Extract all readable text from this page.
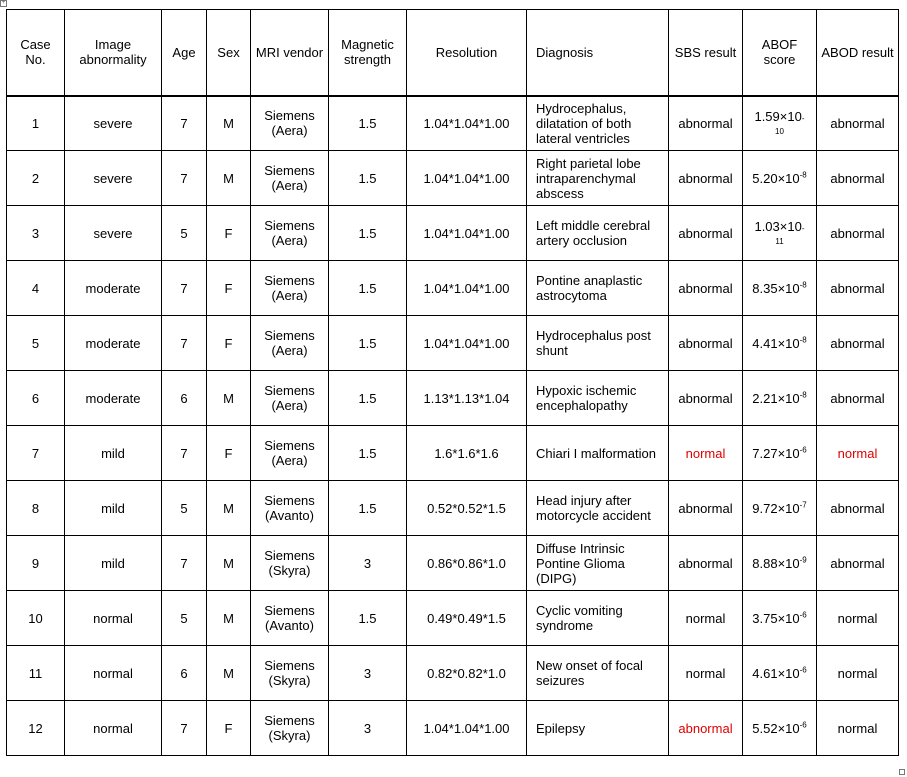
+
Case No.	Image abnormality	Age	Sex	MRI vendor	Magnetic strength	Resolution	Diagnosis	SBS result	ABOF score	ABOD result
1	severe	7	M	Siemens (Aera)	1.5	1.04*1.04*1.00	Hydrocephalus, dilatation of both lateral ventricles	abnormal	1.59×10-10	abnormal
2	severe	7	M	Siemens (Aera)	1.5	1.04*1.04*1.00	Right parietal lobe intraparenchymal abscess	abnormal	$5.20\times 10^{-8}$	abnormal
3	severe	5	F	Siemens (Aera)	1.5	1.04*1.04*1.00	Left middle cerebral artery occlusion	abnormal	1.03×10-11	abnormal
4	moderate	7	F	Siemens (Aera)	1.5	1.04*1.04*1.00	Pontine anaplastic astrocytoma	abnormal	$8.35\times 10^{-8}$	abnormal
5	moderate	7	F	Siemens (Aera)	1.5	1.04*1.04*1.00	Hydrocephalus post shunt	abnormal	$4.41\times 10^{-8}$	abnormal
6	moderate	6	M	Siemens (Aera)	1.5	1.13*1.13*1.04	Hypoxic ischemic encephalopathy	abnormal	$2.21\times 10^{-8}$	abnormal
7	mild	7	F	Siemens (Aera)	1.5	1.6*1.6*1.6	Chiari I malformation	normal	$7.27\times 10^{-6}$	normal
8	mild	5	M	Siemens (Avanto)	1.5	0.52*0.52*1.5	Head injury after motorcycle accident	abnormal	$9.72\times 10^{-7}$	abnormal
9	mild	7	M	Siemens (Skyra)	3	0.86*0.86*1.0	Diffuse Intrinsic Pontine Glioma (DIPG)	abnormal	$8.88\times 10^{-9}$	abnormal
10	normal	5	M	Siemens (Avanto)	1.5	0.49*0.49*1.5	Cyclic vomiting syndrome	normal	$3.75\times 10^{-6}$	normal
11	normal	6	M	Siemens (Skyra)	3	0.82*0.82*1.0	New onset of focal seizures	normal	$4.61\times 10^{-6}$	normal
12	normal	7	F	Siemens (Skyra)	3	1.04*1.04*1.00	Epilepsy	abnormal	$5.52\times 10^{-6}$	normal
